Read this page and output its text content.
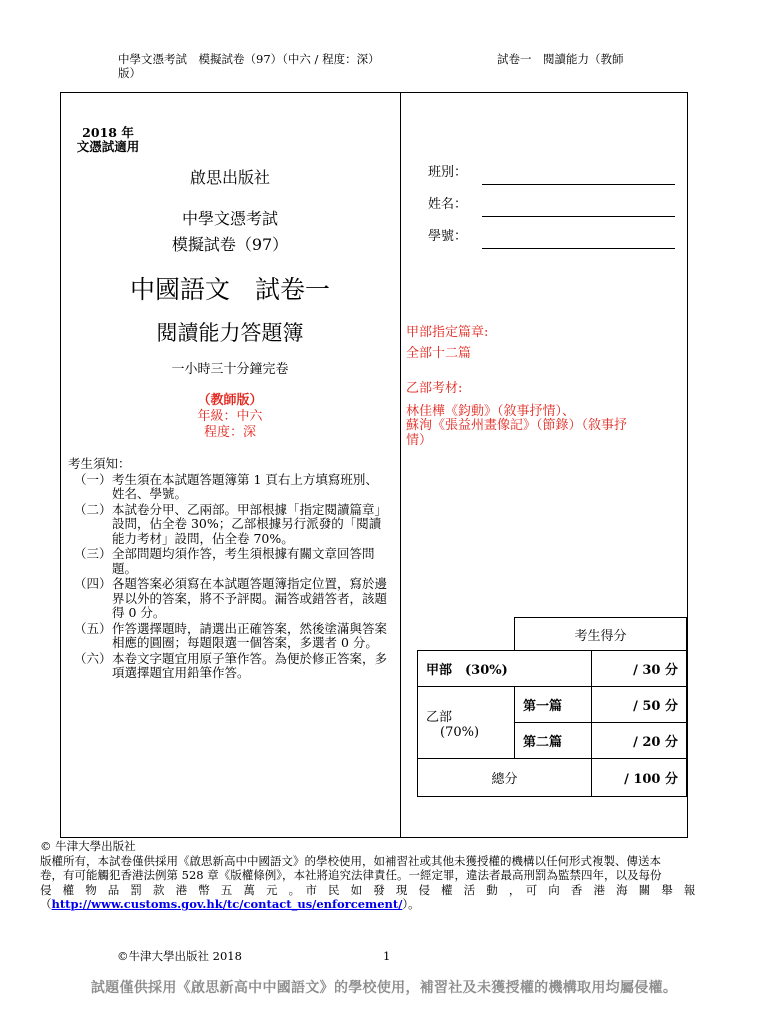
中學文憑考試　模擬試卷（97）（中六 / 程度：深）	試卷一　閱讀能力（教師
版）
2018 年
文憑試適用
啟思出版社
中學文憑考試
模擬試卷（97）
中國語文　試卷一
閱讀能力答題簿
一小時三十分鐘完卷
（教師版）
年級：中六
程度：深
考生須知：
（一） 考生須在本試題答題簿第 1 頁右上方填寫班別、姓名、學號。
（二） 本試卷分甲、乙兩部。甲部根據「指定閱讀篇章」設問，佔全卷 30%；乙部根據另行派發的「閱讀能力考材」設問，佔全卷 70%。
（三） 全部問題均須作答，考生須根據有關文章回答問題。
（四） 各題答案必須寫在本試題答題簿指定位置，寫於邊界以外的答案，將不予評閱。漏答或錯答者，該題得 0 分。
（五） 作答選擇題時，請選出正確答案，然後塗滿與答案相應的圓圈；每題限選一個答案，多選者 0 分。
（六） 本卷文字題宜用原子筆作答。為便於修正答案，多項選擇題宜用鉛筆作答。
班別：
姓名：
學號：
甲部指定篇章:
全部十二篇
乙部考材:
林佳樺《鈞動》（敘事抒情）、
蘇洵《張益州畫像記》（節錄）（敘事抒
情）
	考生得分	
甲部　(30%)		/ 30 分

乙部
(70%)	第一篇	/ 50 分
	第二篇	/ 20 分
總分		/ 100 分
© 牛津大學出版社
版權所有，本試卷僅供採用《啟思新高中中國語文》的學校使用，如補習社或其他未獲授權的機構以任何形式複製、傳送本
卷，有可能觸犯香港法例第 528 章《版權條例》，本社將追究法律責任。一經定罪，違法者最高刑罰為監禁四年，以及每份
侵　權　物　品　罰　款　港　幣　五　萬　元　。　市　民　如　發　現　侵　權　活　動　，　可　向　香　港　海　關　舉　報
（http://www.customs.gov.hk/tc/contact_us/enforcement/）。
©牛津大學出版社 2018	1
試題僅供採用《啟思新高中中國語文》的學校使用，補習社及未獲授權的機構取用均屬侵權。
